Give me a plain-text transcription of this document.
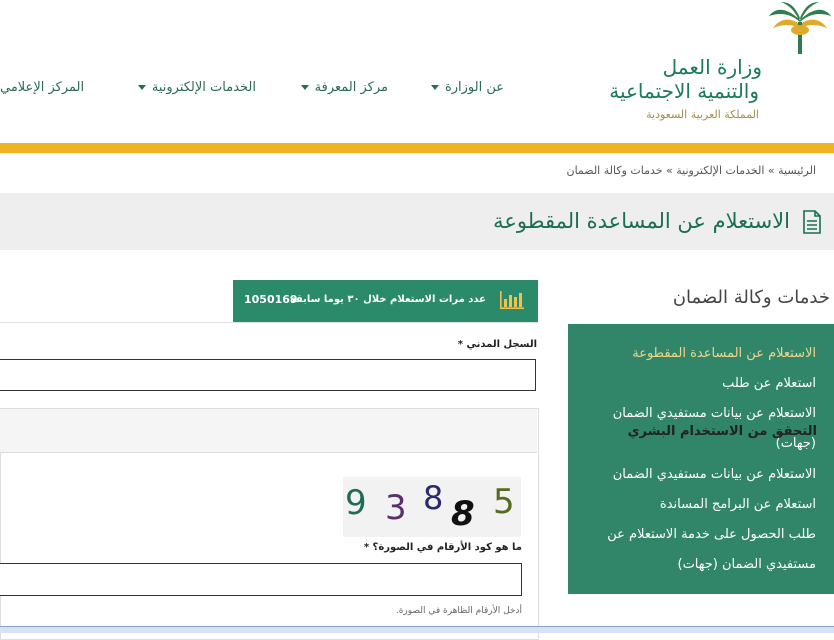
وزارة العمل
والتنمية الاجتماعية
المملكة العربية السعودية
عن الوزارة
مركز المعرفة
الخدمات الإلكترونية
المركز الإعلامي
الرئيسية » الخدمات الإلكترونية » خدمات وكالة الضمان
الاستعلام عن المساعدة المقطوعة
خدمات وكالة الضمان
الاستعلام عن المساعدة المقطوعة
استعلام عن طلب
الاستعلام عن بيانات مستفيدي الضمان
(جهات)
الاستعلام عن بيانات مستفيدي الضمان
استعلام عن البرامج المساندة
طلب الحصول على خدمة الاستعلام عن
مستفيدي الضمان (جهات)
عدد مرات الاستعلام خلال ٣٠ يوما سابقة
1050169
السجل المدني *
التحقق من الاستخدام البشري
9 3 8 8 5
ما هو كود الأرقام في الصورة؟ *
أدخل الأرقام الظاهرة في الصورة.
